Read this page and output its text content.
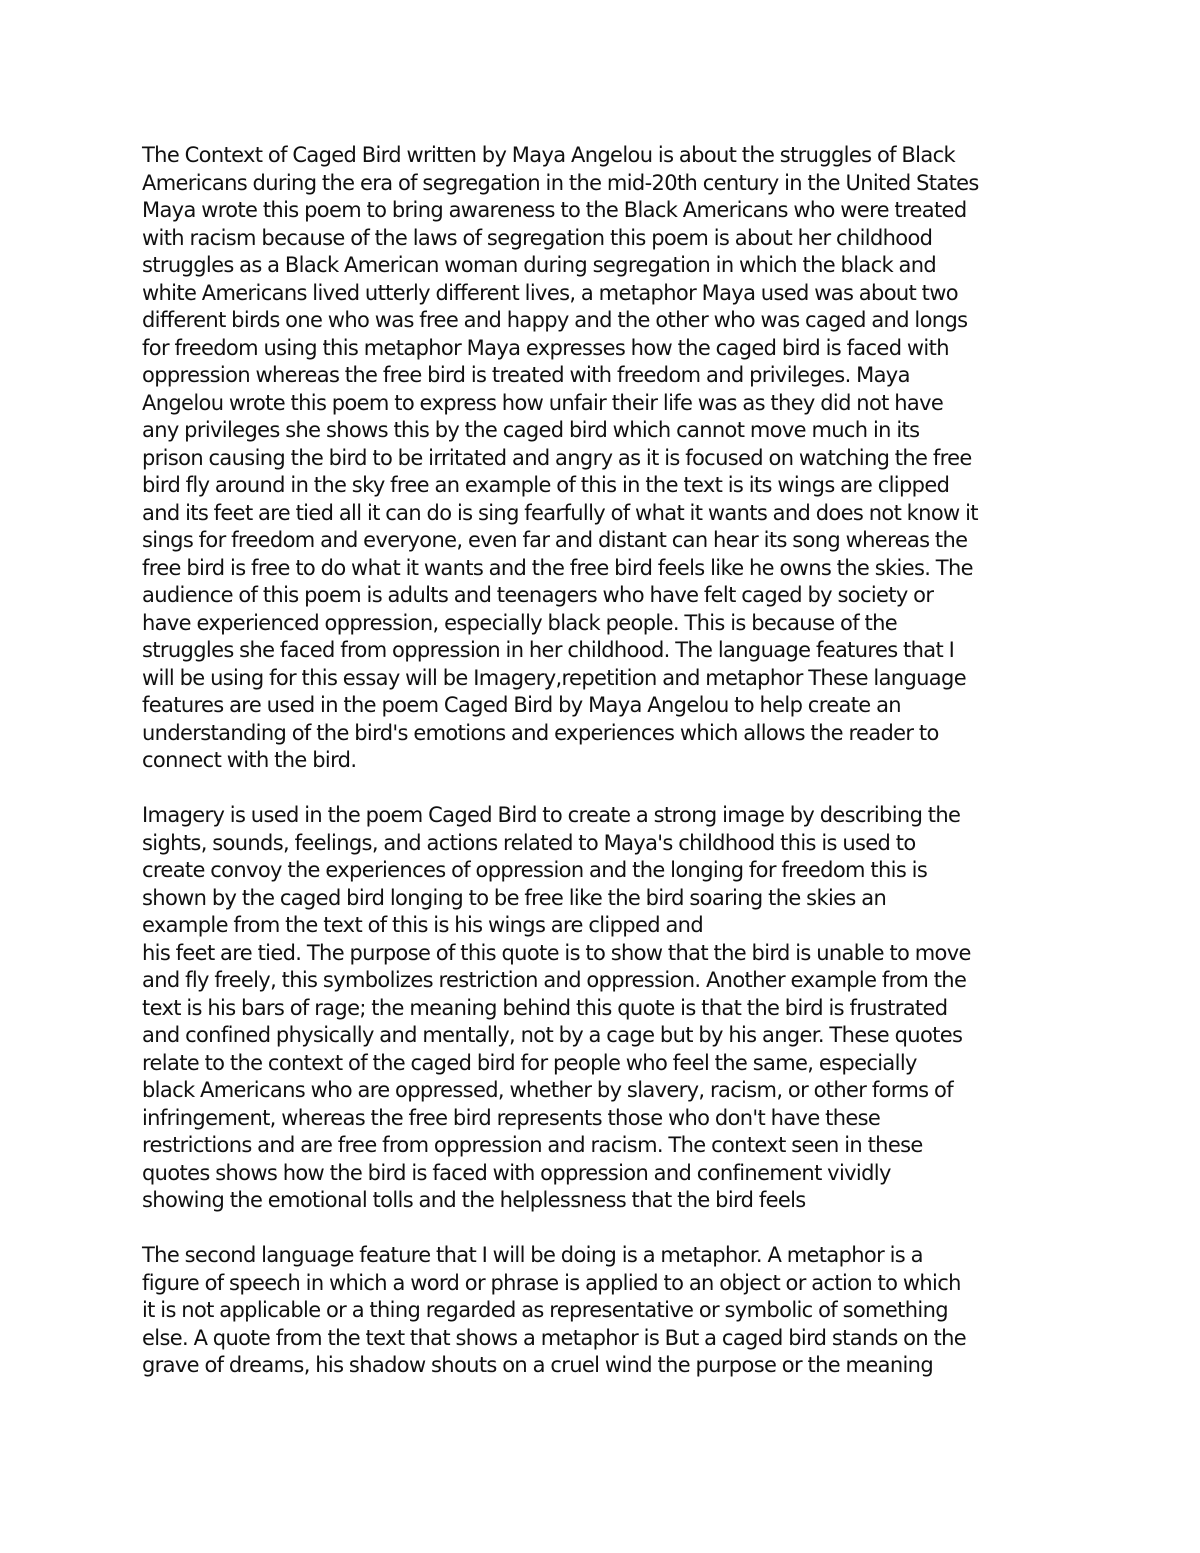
The Context of Caged Bird written by Maya Angelou is about the struggles of Black
Americans during the era of segregation in the mid-20th century in the United States
Maya wrote this poem to bring awareness to the Black Americans who were treated
with racism because of the laws of segregation this poem is about her childhood
struggles as a Black American woman during segregation in which the black and
white Americans lived utterly different lives, a metaphor Maya used was about two
different birds one who was free and happy and the other who was caged and longs
for freedom using this metaphor Maya expresses how the caged bird is faced with
oppression whereas the free bird is treated with freedom and privileges. Maya
Angelou wrote this poem to express how unfair their life was as they did not have
any privileges she shows this by the caged bird which cannot move much in its
prison causing the bird to be irritated and angry as it is focused on watching the free
bird fly around in the sky free an example of this in the text is its wings are clipped
and its feet are tied all it can do is sing fearfully of what it wants and does not know it
sings for freedom and everyone, even far and distant can hear its song whereas the
free bird is free to do what it wants and the free bird feels like he owns the skies. The
audience of this poem is adults and teenagers who have felt caged by society or
have experienced oppression, especially black people. This is because of the
struggles she faced from oppression in her childhood. The language features that I
will be using for this essay will be Imagery,repetition and metaphor These language
features are used in the poem Caged Bird by Maya Angelou to help create an
understanding of the bird's emotions and experiences which allows the reader to
connect with the bird.
Imagery is used in the poem Caged Bird to create a strong image by describing the
sights, sounds, feelings, and actions related to Maya's childhood this is used to
create convoy the experiences of oppression and the longing for freedom this is
shown by the caged bird longing to be free like the bird soaring the skies an
example from the text of this is his wings are clipped and
his feet are tied. The purpose of this quote is to show that the bird is unable to move
and fly freely, this symbolizes restriction and oppression. Another example from the
text is his bars of rage; the meaning behind this quote is that the bird is frustrated
and confined physically and mentally, not by a cage but by his anger. These quotes
relate to the context of the caged bird for people who feel the same, especially
black Americans who are oppressed, whether by slavery, racism, or other forms of
infringement, whereas the free bird represents those who don't have these
restrictions and are free from oppression and racism. The context seen in these
quotes shows how the bird is faced with oppression and confinement vividly
showing the emotional tolls and the helplessness that the bird feels
The second language feature that I will be doing is a metaphor. A metaphor is a
figure of speech in which a word or phrase is applied to an object or action to which
it is not applicable or a thing regarded as representative or symbolic of something
else. A quote from the text that shows a metaphor is But a caged bird stands on the
grave of dreams, his shadow shouts on a cruel wind the purpose or the meaning
